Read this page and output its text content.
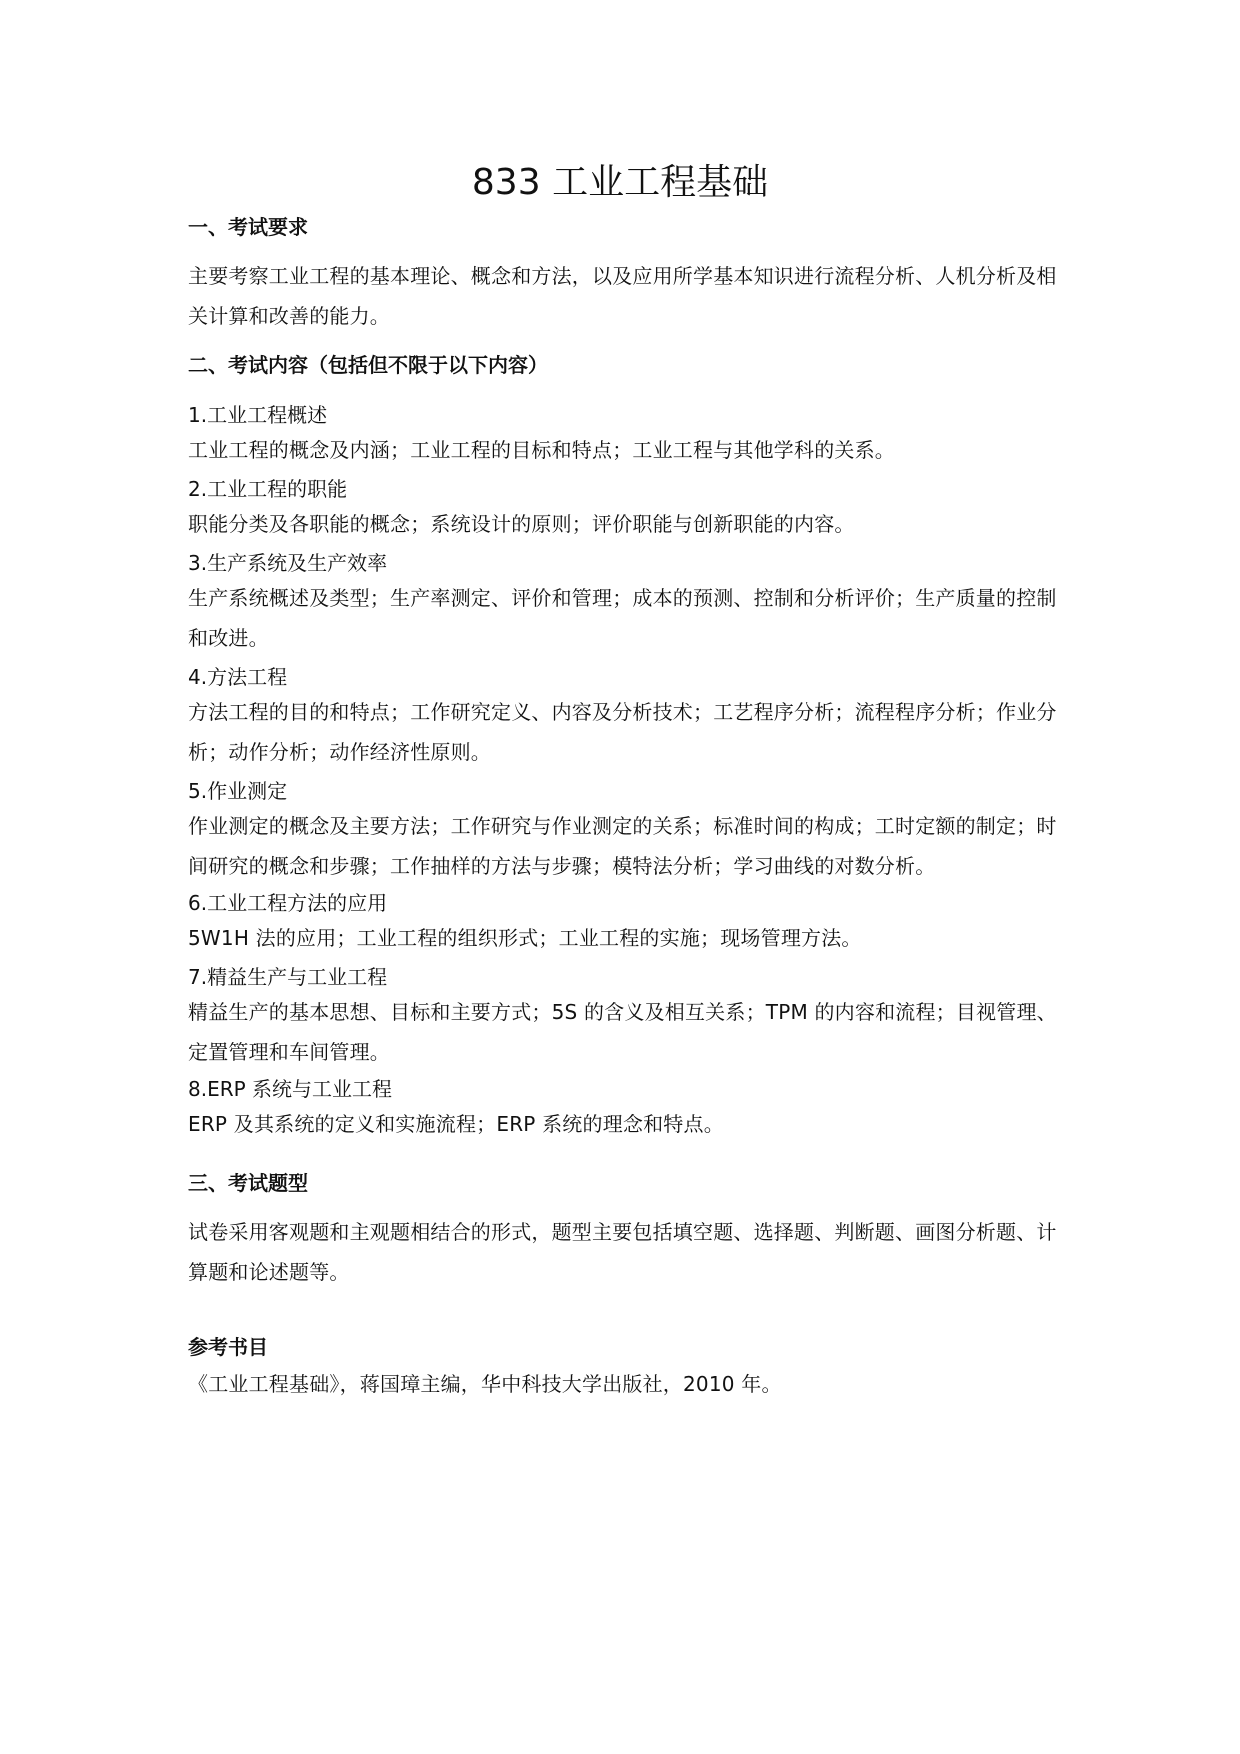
833 工业工程基础
一、考试要求

主要考察工业工程的基本理论、概念和方法，以及应用所学基本知识进行流程分析、人机分析及相关计算和改善的能力。

二、考试内容（包括但不限于以下内容）

1.工业工程概述

工业工程的概念及内涵；工业工程的目标和特点；工业工程与其他学科的关系。

2.工业工程的职能

职能分类及各职能的概念；系统设计的原则；评价职能与创新职能的内容。

3.生产系统及生产效率

生产系统概述及类型；生产率测定、评价和管理；成本的预测、控制和分析评价；生产质量的控制和改进。

4.方法工程

方法工程的目的和特点；工作研究定义、内容及分析技术；工艺程序分析；流程程序分析；作业分析；动作分析；动作经济性原则。

5.作业测定

作业测定的概念及主要方法；工作研究与作业测定的关系；标准时间的构成；工时定额的制定；时间研究的概念和步骤；工作抽样的方法与步骤；模特法分析；学习曲线的对数分析。

6.工业工程方法的应用

5W1H 法的应用；工业工程的组织形式；工业工程的实施；现场管理方法。

7.精益生产与工业工程

精益生产的基本思想、目标和主要方式；5S 的含义及相互关系；TPM 的内容和流程；目视管理、定置管理和车间管理。

8.ERP 系统与工业工程

ERP 及其系统的定义和实施流程；ERP 系统的理念和特点。

三、考试题型

试卷采用客观题和主观题相结合的形式，题型主要包括填空题、选择题、判断题、画图分析题、计算题和论述题等。

参考书目

《工业工程基础》，蒋国璋主编，华中科技大学出版社，2010 年。
